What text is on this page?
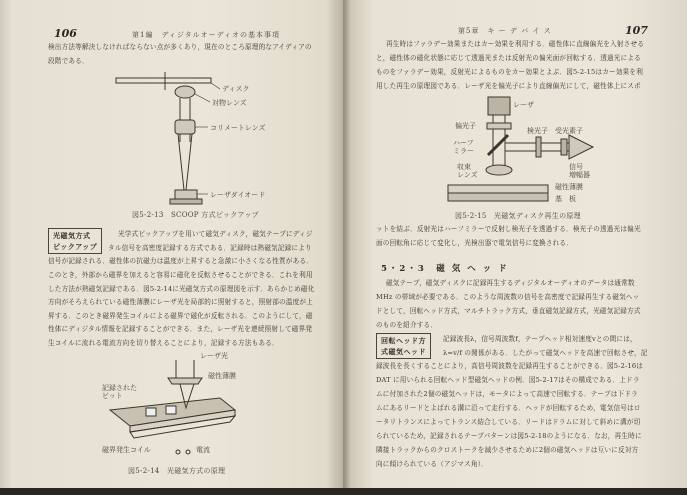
106	第1編　ディジタルオーディオの基本事項
検出方法等解決しなければならない点が多くあり，現在のところ原理的なアイディアの
段階である．
ディスク
対物レンズ
コリメートレンズ
レーザダイオード
図5-2-13　SCOOP 方式ピックアップ
光磁気方式
ピックアップ
光学式ピックアップを用いて磁気ディスク，磁気テープにディジ
タル信号を高密度記録する方式である．記録時は熱磁気記録により
信号が記録される．磁性体の抗磁力は温度が上昇すると急激に小さくなる性質がある．
このとき，外部から磁界を加えると容易に磁化を反転させることができる．これを利用
した方法が熱磁気記録である．図5-2-14に光磁気方式の原理図を示す．あらかじめ磁化
方向がそろえられている磁性薄膜にレーザ光を局部的に照射すると，照射部の温度が上
昇する．このとき磁界発生コイルによる磁界で磁化が反転される．このようにして，磁
性体にディジタル情報を記録することができる．また，レーザ光を連続照射して磁界発
生コイルに流れる電流方向を切り替えることにより，記録する方法もある．
レーザ光
磁性薄膜
記録された
ビット
磁界発生コイル	電流
図5-2-14　光磁気方式の原理
第5章　キ ー デ バ イ ス	107
再生時はファラデー効果またはカー効果を利用する．磁性体に直線偏光を入射させる
と，磁性体の磁化状態に応じて透過光または反射光の偏光面が回転する．透過光による
ものをファラデー効果，反射光によるものをカー効果とよぶ．図5-2-15はカー効果を利
用した再生の原理図である．レーザ光を偏光子により直線偏光にして，磁性体上にスポ
レーザ
偏光子
ハーフ
ミラー
検光子 受光素子
収束
レンズ
信号
増幅器
磁性薄膜
基　板
図5-2-15　光磁気ディスク再生の原理
ットを結ぶ．反射光はハーフミラーで反射し検光子を透過する．検光子の透過光は偏光
面の回転角に応じて変化し，光検出器で電気信号に変換される．
5・2・3　磁 気 ヘ ッ ド
磁気テープ，磁気ディスクに記録再生するディジタルオーディオのデータは通常数
MHz の帯域が必要である．このような周波数の信号を高密度で記録再生する磁気ヘッ
ドとして，回転ヘッド方式，マルチトラック方式，垂直磁気記録方式，光磁気記録方式
のものを紹介する．
回転ヘッド方
式磁気ヘッド
記録波長λ，信号周波数f，テープヘッド相対速度vとの間には，
λ=v/f の関係がある．したがって磁気ヘッドを高速で回転させ，記
録波長を長くすることにより，高信号周波数を記録再生することができる．図5-2-16は
DAT に用いられる回転ヘッド型磁気ヘッドの例．図5-2-17はその構成である．上ドラ
ムに付加された2個の磁気ヘッドは，モータによって高速で回転する．テープは下ドラ
ムにあるリードとよばれる溝に沿って走行する．ヘッドが回転するため，電気信号はロ
ータリトランスによってトランス結合している．リードはドラムに対して斜めに溝が切
られているため，記録されるテープパターンは図5-2-18のようになる．なお，再生時に
隣接トラックからのクロストークを減少させるために2個の磁気ヘッドは互いに反対方
向に傾けられている（アジマス角）．
